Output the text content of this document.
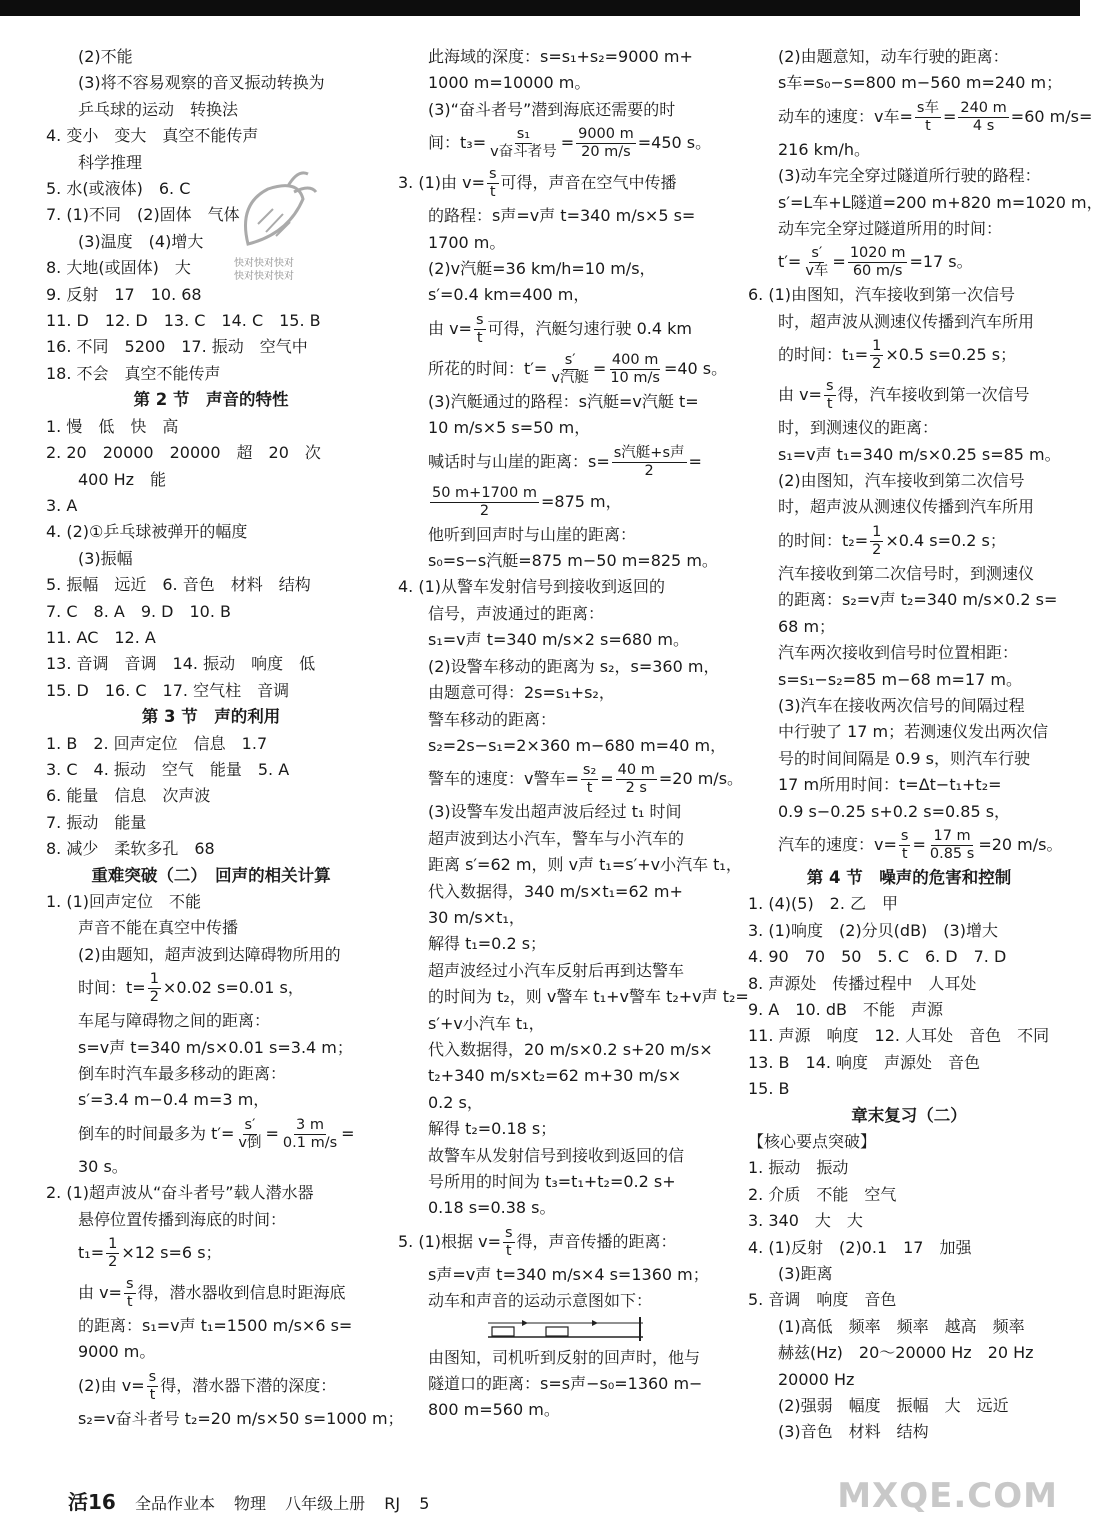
(2)不能
(3)将不容易观察的音叉振动转换为
乒乓球的运动　转换法
4. 变小　变大　真空不能传声
科学推理
5. 水(或液体)　6. C
7. (1)不同　(2)固体　气体
(3)温度　(4)增大
8. 大地(或固体)　大
9. 反射　17　10. 68
11. D　12. D　13. C　14. C　15. B
16. 不同　5200　17. 振动　空气中
18. 不会　真空不能传声
第 2 节　声音的特性
1. 慢　低　快　高
2. 20　20000　20000　超　20　次
400 Hz　能
3. A
4. (2)①乒乓球被弹开的幅度
(3)振幅
5. 振幅　远近　6. 音色　材料　结构
7. C　8. A　9. D　10. B
11. AC　12. A
13. 音调　音调　14. 振动　响度　低
15. D　16. C　17. 空气柱　音调
第 3 节　声的利用
1. B　2. 回声定位　信息　1.7
3. C　4. 振动　空气　能量　5. A
6. 能量　信息　次声波
7. 振动　能量
8. 减少　柔软多孔　68
重难突破（二）　回声的相关计算
1. (1)回声定位　不能
声音不能在真空中传播
(2)由题知，超声波到达障碍物所用的
时间：$t= \frac{1}{2} \times 0.02$ s=0.01 s，
车尾与障碍物之间的距离：
s=v声 t=340 m/s×0.01 s=3.4 m；
倒车时汽车最多移动的距离：
s′=3.4 m−0.4 m=3 m，
倒车的时间最多为 $t'= \frac{s'}{\text{v倒}} = \frac{3 m}{0.1 m/s}$ =
30 s。
2. (1)超声波从“奋斗者号”载人潜水器
悬停位置传播到海底的时间：
$t_1= \frac{1}{2} \times 12$ s=6 s；
由 $v= \frac{s}{t}$ 得，潜水器收到信息时距海底
的距离：s₁=v声 t₁=1500 m/s×6 s=
9000 m。
(2)由 $v= \frac{s}{t}$ 得，潜水器下潜的深度：
s₂=v奋斗者号 t₂=20 m/s×50 s=1000 m；
此海域的深度：s=s₁+s₂=9000 m+
1000 m=10000 m。
(3)“奋斗者号”潜到海底还需要的时
间：$t_3= \frac{\text{s₁}}{\text{v奋斗者号}} = \frac{9000 m}{20 m/s} =450$ s。
3. (1)由 $v= \frac{s}{t}$ 可得，声音在空气中传播
的路程：s声=v声 t=340 m/s×5 s=
1700 m。
(2)v汽艇=36 km/h=10 m/s，
s′=0.4 km=400 m，
由 $v= \frac{s}{t}$ 可得，汽艇匀速行驶 0.4 km
所花的时间：$t'= \frac{s'}{\text{v汽艇}} = \frac{400 m}{10 m/s} =40$ s。
(3)汽艇通过的路程：s汽艇=v汽艇 t=
10 m/s×5 s=50 m，
喊话时与山崖的距离：$s= \frac{\text{s汽艇+s声}}{2}$ =
$\frac{50 m+1700 m}{2} =875$ m，
他听到回声时与山崖的距离：
s₀=s−s汽艇=875 m−50 m=825 m。
4. (1)从警车发射信号到接收到返回的
信号，声波通过的距离：
s₁=v声 t=340 m/s×2 s=680 m。
(2)设警车移动的距离为 s₂，s=360 m，
由题意可得：2s=s₁+s₂，
警车移动的距离：
s₂=2s−s₁=2×360 m−680 m=40 m，
警车的速度：v警车= $\frac{\text{s₂}}{t} = \frac{40 m}{2 s} =20$ m/s。
(3)设警车发出超声波后经过 t₁ 时间
超声波到达小汽车，警车与小汽车的
距离 s′=62 m，则 v声 t₁=s′+v小汽车 t₁，
代入数据得，340 m/s×t₁=62 m+
30 m/s×t₁，
解得 t₁=0.2 s；
超声波经过小汽车反射后再到达警车
的时间为 t₂，则 v警车 t₁+v警车 t₂+v声 t₂=
s′+v小汽车 t₁，
代入数据得，20 m/s×0.2 s+20 m/s×
t₂+340 m/s×t₂=62 m+30 m/s×
0.2 s，
解得 t₂=0.18 s；
故警车从发射信号到接收到返回的信
号所用的时间为 t₃=t₁+t₂=0.2 s+
0.18 s=0.38 s。
5. (1)根据 $v= \frac{s}{t}$ 得，声音传播的距离：
s声=v声 t=340 m/s×4 s=1360 m；
动车和声音的运动示意图如下：
由图知，司机听到反射的回声时，他与
隧道口的距离：s=s声−s₀=1360 m−
800 m=560 m。
(2)由题意知，动车行驶的距离：
s车=s₀−s=800 m−560 m=240 m；
动车的速度：v车= $\frac{\text{s车}}{t} = \frac{240 m}{4 s} =60$ m/s=
216 km/h。
(3)动车完全穿过隧道所行驶的路程：
s′=L车+L隧道=200 m+820 m=1020 m，
动车完全穿过隧道所用的时间：
$t'= \frac{s'}{\text{v车}} = \frac{1020 m}{60 m/s} =17$ s。
6. (1)由图知，汽车接收到第一次信号
时，超声波从测速仪传播到汽车所用
的时间：$t_1= \frac{1}{2} \times 0.5$ s=0.25 s；
由 $v= \frac{s}{t}$ 得，汽车接收到第一次信号
时，到测速仪的距离：
s₁=v声 t₁=340 m/s×0.25 s=85 m。
(2)由图知，汽车接收到第二次信号
时，超声波从测速仪传播到汽车所用
的时间：$t_2= \frac{1}{2} \times 0.4$ s=0.2 s；
汽车接收到第二次信号时，到测速仪
的距离：s₂=v声 t₂=340 m/s×0.2 s=
68 m；
汽车两次接收到信号时位置相距：
s=s₁−s₂=85 m−68 m=17 m。
(3)汽车在接收两次信号的间隔过程
中行驶了 17 m；若测速仪发出两次信
号的时间间隔是 0.9 s，则汽车行驶
17 m所用时间：t=Δt−t₁+t₂=
0.9 s−0.25 s+0.2 s=0.85 s，
汽车的速度：$v= \frac{s}{t} = \frac{17 m}{0.85 s} =20$ m/s。
第 4 节　噪声的危害和控制
1. (4)(5)　2. 乙　甲
3. (1)响度　(2)分贝(dB)　(3)增大
4. 90　70　50　5. C　6. D　7. D
8. 声源处　传播过程中　人耳处
9. A　10. dB　不能　声源
11. 声源　响度　12. 人耳处　音色　不同
13. B　14. 响度　声源处　音色
15. B
章末复习（二）
【核心要点突破】
1. 振动　振动
2. 介质　不能　空气
3. 340　大　大
4. (1)反射　(2)0.1　17　加强
(3)距离
5. 音调　响度　音色
(1)高低　频率　频率　越高　频率
赫兹(Hz)　20～20000 Hz　20 Hz
20000 Hz
(2)强弱　幅度　振幅　大　远近
(3)音色　材料　结构
快对快对快对
快对快对快对
活16 全品作业本 物理 八年级上册 RJ 5	MXQE.COM
